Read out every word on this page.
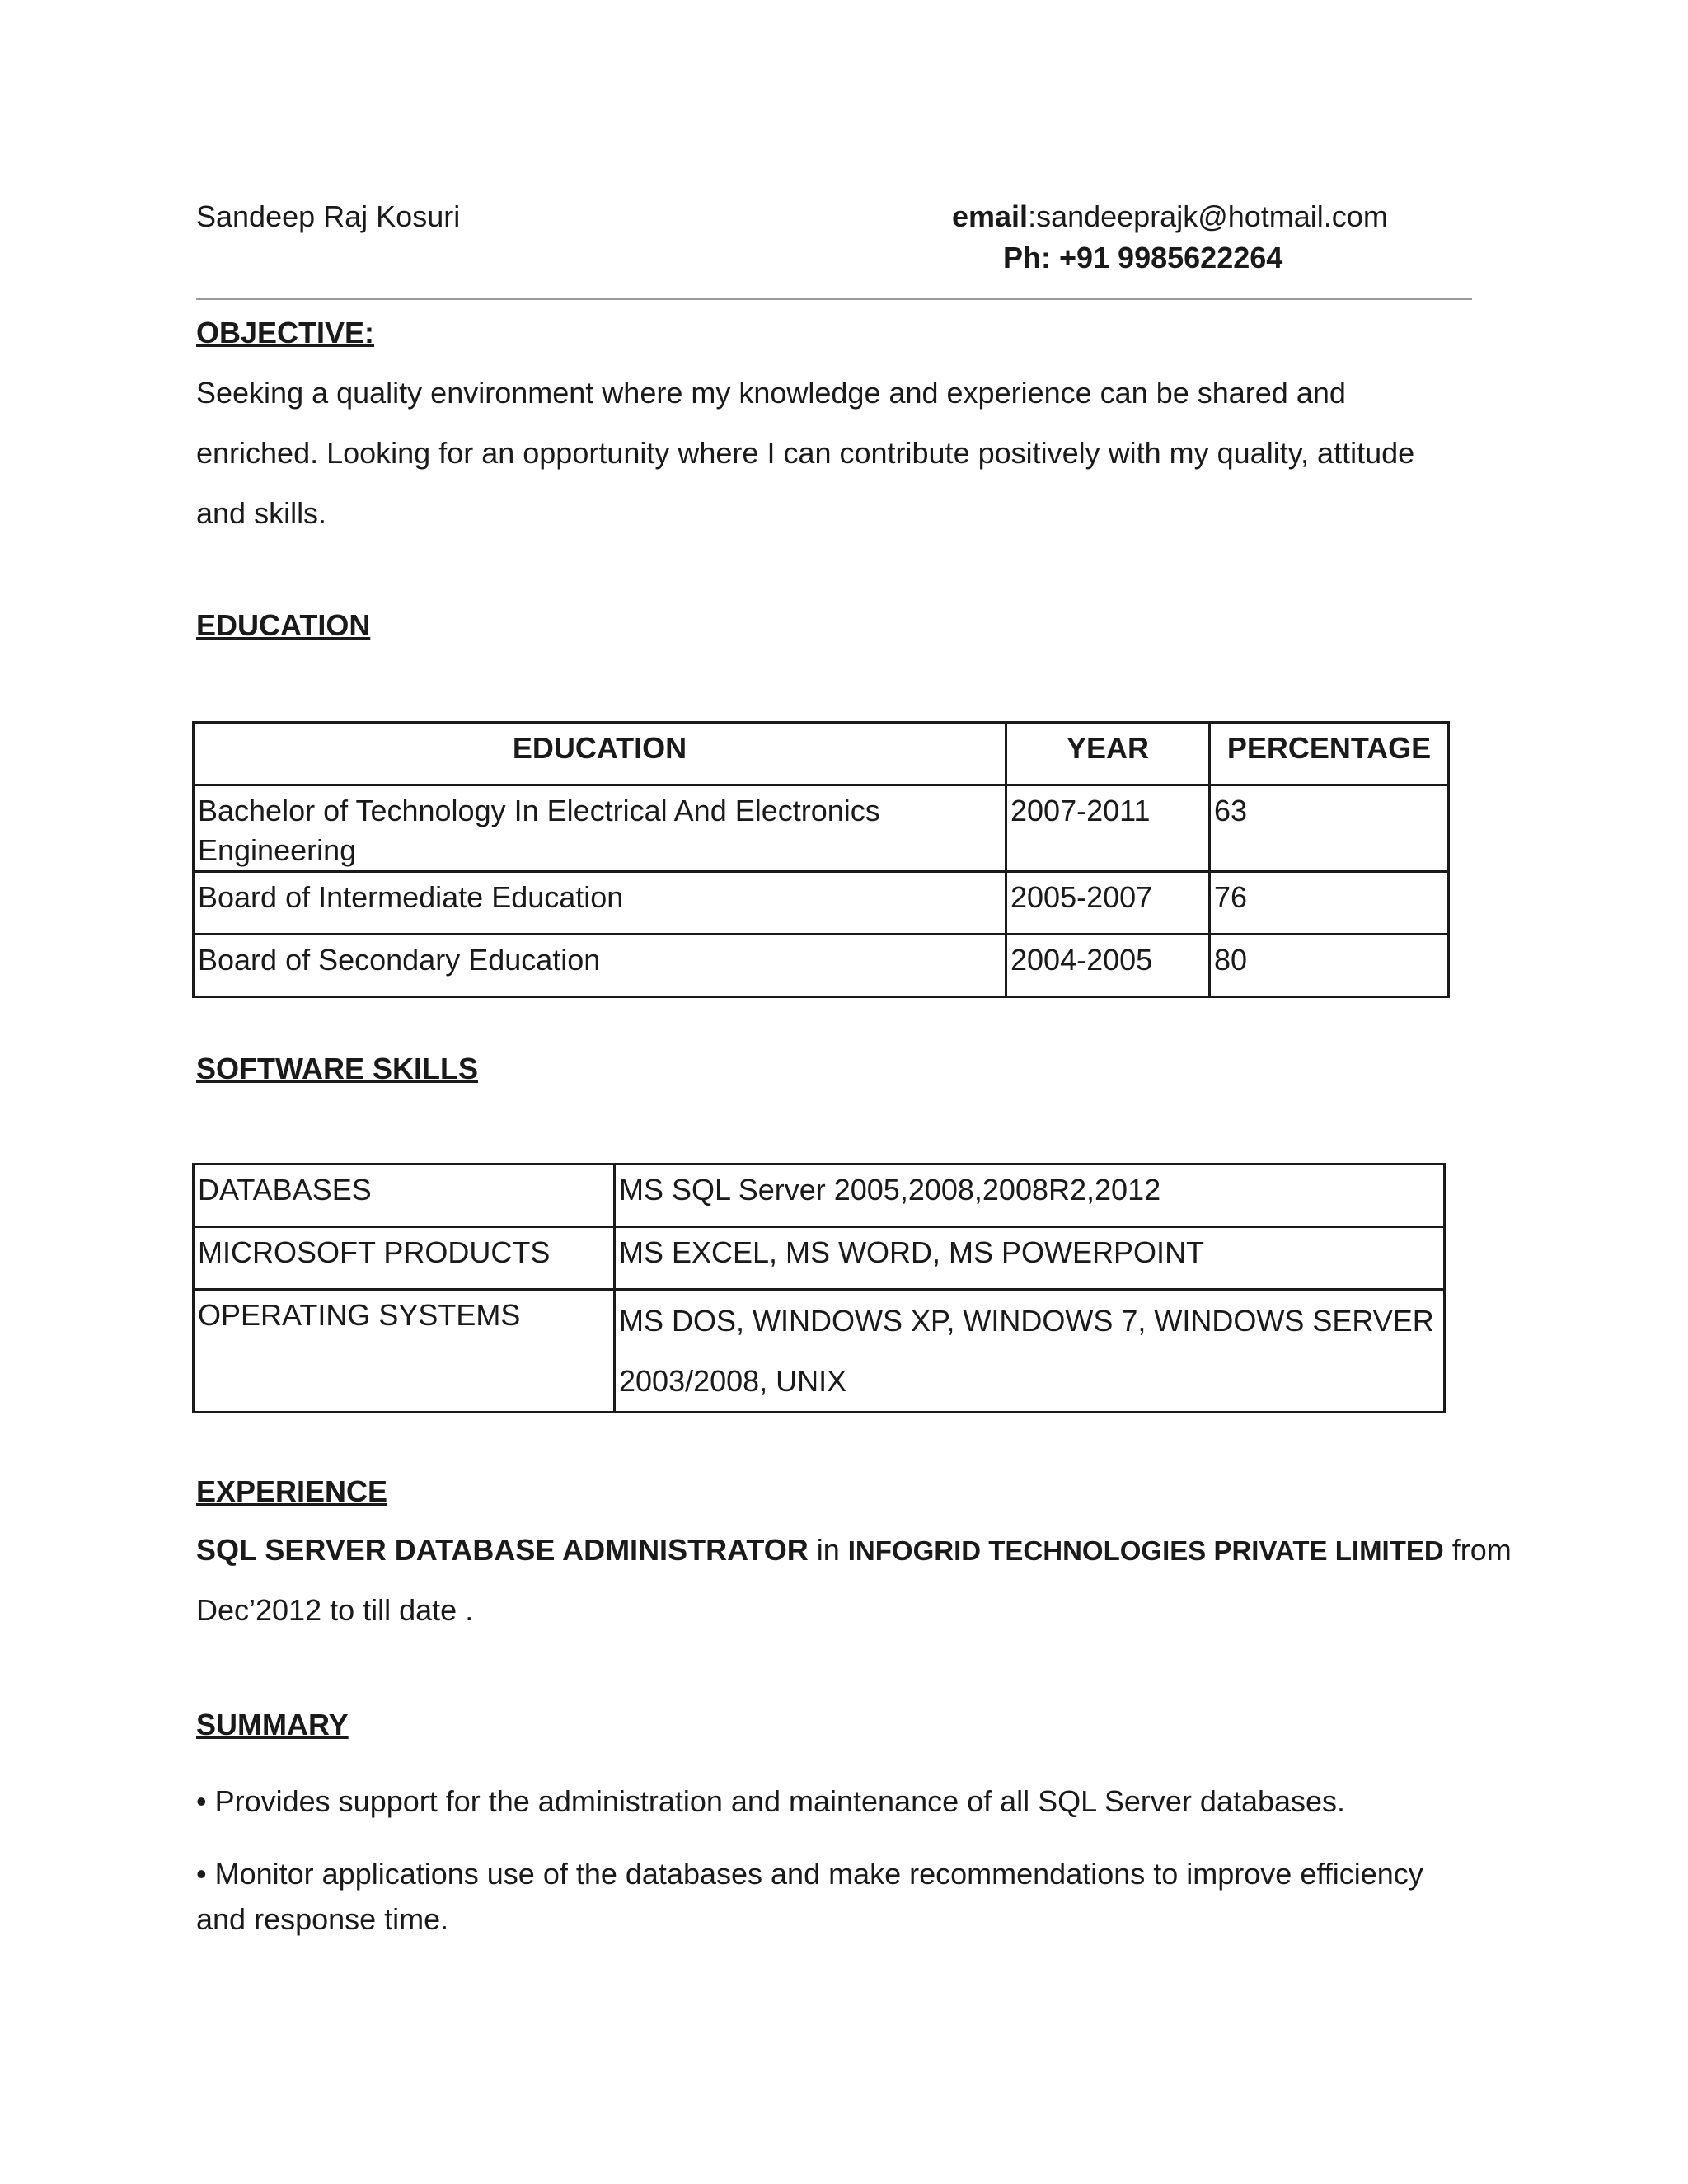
Sandeep Raj Kosuri	email:sandeeprajk@hotmail.com
Ph: +91 9985622264
OBJECTIVE:
Seeking a quality environment where my knowledge and experience can be shared and
enriched. Looking for an opportunity where I can contribute positively with my quality, attitude
and skills.
EDUCATION
EDUCATION	YEAR	PERCENTAGE

Bachelor of Technology In Electrical And Electronics
Engineering	2007-2011	63
Board of Intermediate Education	2005-2007	76
Board of Secondary Education	2004-2005	80
SOFTWARE SKILLS
DATABASES	MS SQL Server 2005,2008,2008R2,2012
MICROSOFT PRODUCTS	MS EXCEL, MS WORD, MS POWERPOINT
OPERATING SYSTEMS	MS DOS, WINDOWS XP, WINDOWS 7, WINDOWS SERVER
2003/2008, UNIX
EXPERIENCE
SQL SERVER DATABASE ADMINISTRATOR in INFOGRID TECHNOLOGIES PRIVATE LIMITED from
Dec’2012 to till date .
SUMMARY
• Provides support for the administration and maintenance of all SQL Server databases.
• Monitor applications use of the databases and make recommendations to improve efficiency
and response time.
